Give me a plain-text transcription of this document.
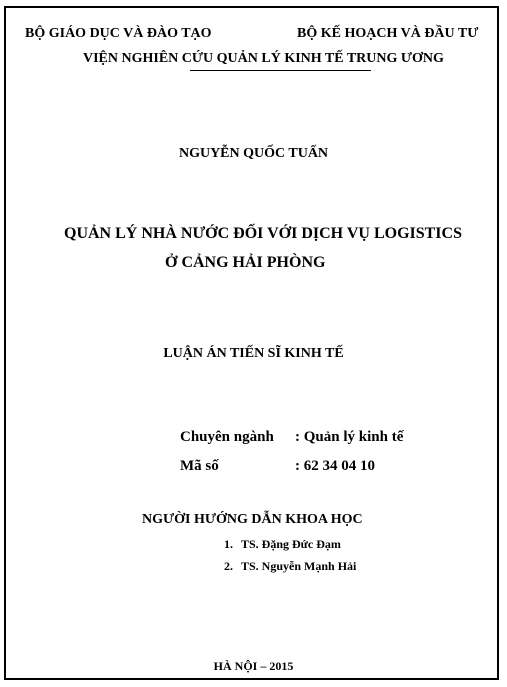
BỘ GIÁO DỤC VÀ ĐÀO TẠO	BỘ KẾ HOẠCH VÀ ĐẦU TƯ
VIỆN NGHIÊN CỨU QUẢN LÝ KINH TẾ TRUNG ƯƠNG
NGUYỄN QUỐC TUẤN
QUẢN LÝ NHÀ NƯỚC ĐỐI VỚI DỊCH VỤ LOGISTICS
Ở CẢNG HẢI PHÒNG
LUẬN ÁN TIẾN SĨ KINH TẾ
Chuyên ngành : Quản lý kinh tế
Mã số	: 62 34 04 10
NGƯỜI HƯỚNG DẪN KHOA HỌC
1. TS. Đặng Đức Đạm
2. TS. Nguyễn Mạnh Hải
HÀ NỘI – 2015
